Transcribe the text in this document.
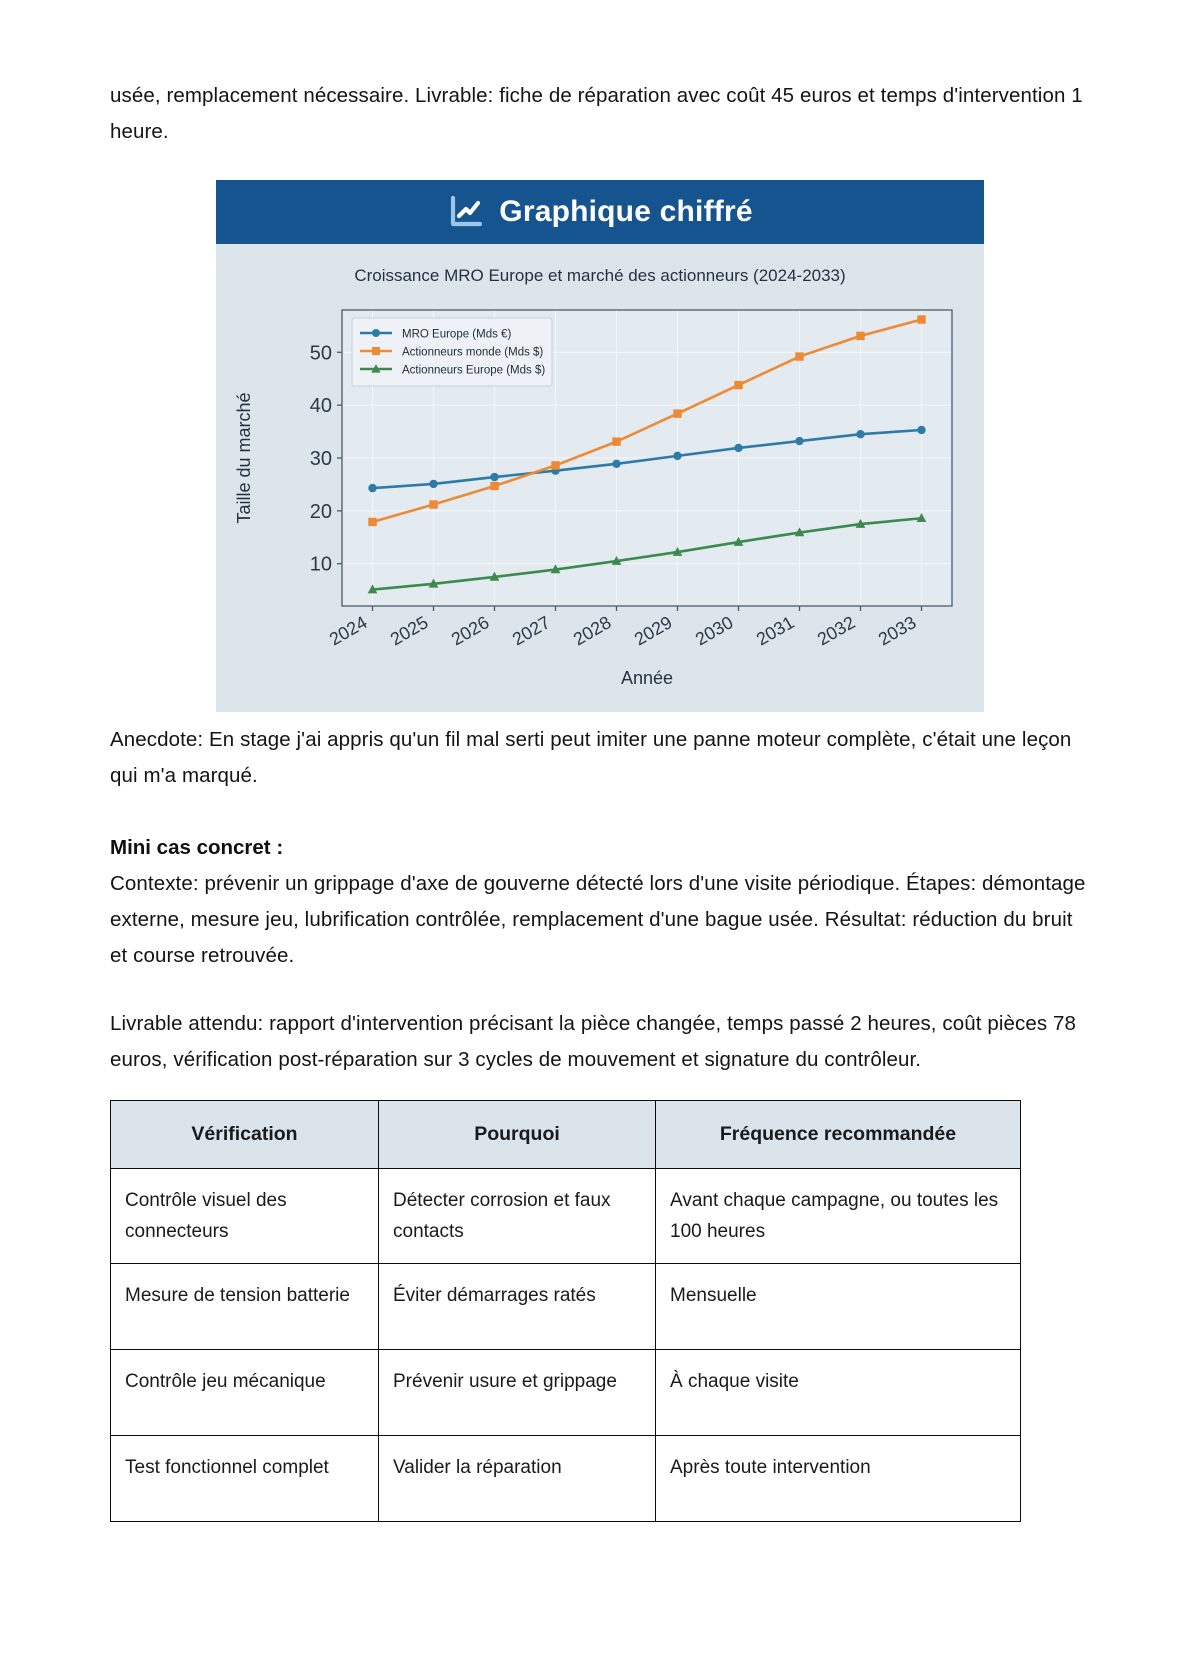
usée, remplacement nécessaire. Livrable: fiche de réparation avec coût 45 euros et temps d'intervention 1 heure.

Graphique chiffré
Croissance MRO Europe et marché des actionneurs (2024-2033)
10
20
30
40
50
2024 2025 2026 2027 2028 2029 2030 2031 2032 2033
Année
Taille du marché
MRO Europe (Mds €)
Actionneurs monde (Mds $)
Actionneurs Europe (Mds $)

Anecdote: En stage j'ai appris qu'un fil mal serti peut imiter une panne moteur complète, c'était une leçon qui m'a marqué.

Mini cas concret :

Contexte: prévenir un grippage d'axe de gouverne détecté lors d'une visite périodique. Étapes: démontage externe, mesure jeu, lubrification contrôlée, remplacement d'une bague usée. Résultat: réduction du bruit et course retrouvée.

Livrable attendu: rapport d'intervention précisant la pièce changée, temps passé 2 heures, coût pièces 78 euros, vérification post-réparation sur 3 cycles de mouvement et signature du contrôleur.

Vérification	Pourquoi	Fréquence recommandée
Contrôle visuel des connecteurs	Détecter corrosion et faux contacts	Avant chaque campagne, ou toutes les 100 heures
Mesure de tension batterie	Éviter démarrages ratés	Mensuelle
Contrôle jeu mécanique	Prévenir usure et grippage	À chaque visite
Test fonctionnel complet	Valider la réparation	Après toute intervention
